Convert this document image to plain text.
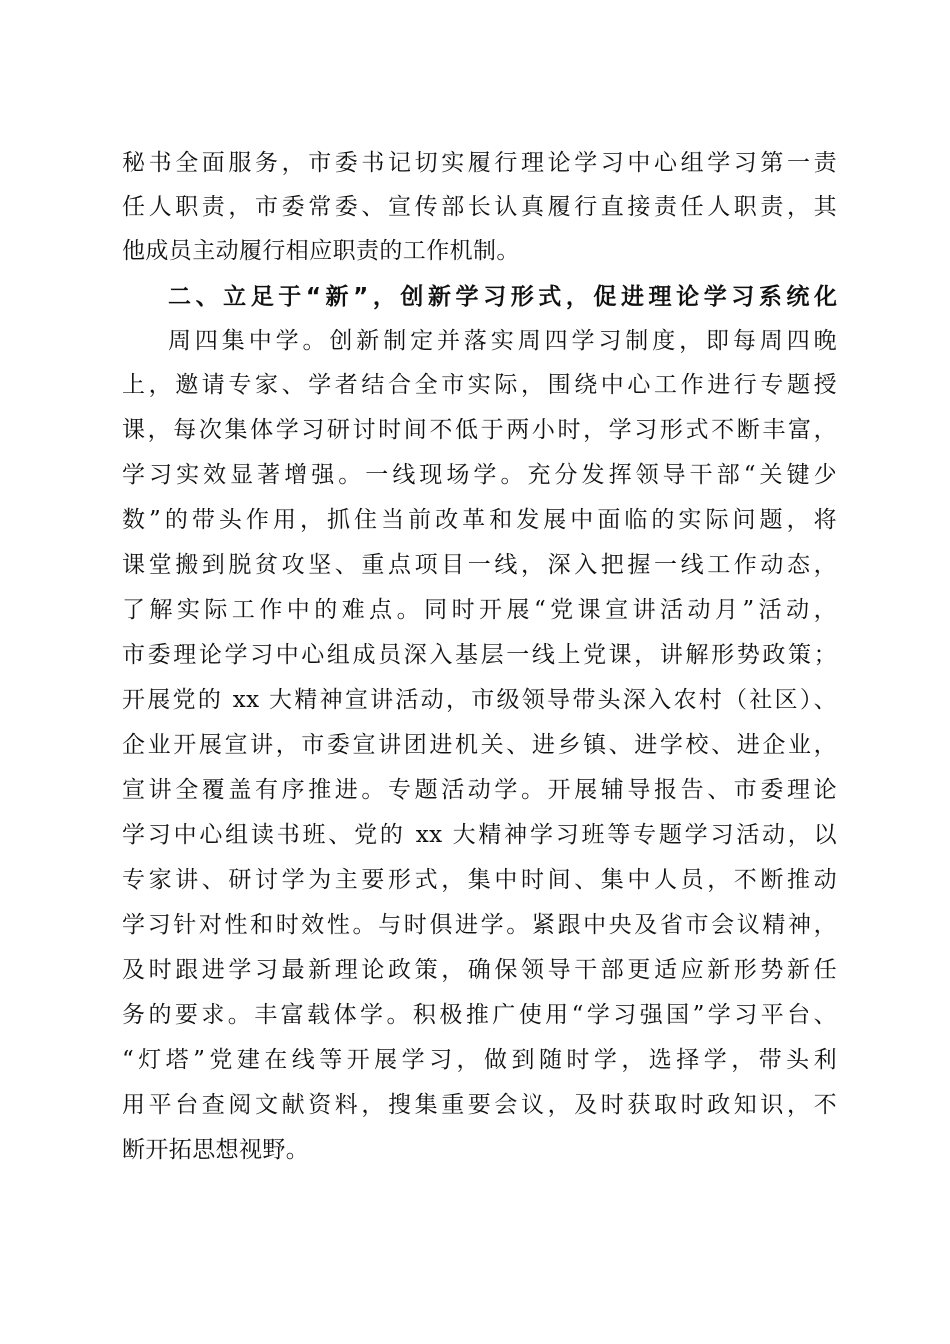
秘书全面服务，市委书记切实履行理论学习中心组学习第一责
任人职责，市委常委、宣传部长认真履行直接责任人职责，其
他成员主动履行相应职责的工作机制。
二、立足于“新”，创新学习形式，促进理论学习系统化
周四集中学。创新制定并落实周四学习制度，即每周四晚
上，邀请专家、学者结合全市实际，围绕中心工作进行专题授
课，每次集体学习研讨时间不低于两小时，学习形式不断丰富，
学习实效显著增强。一线现场学。充分发挥领导干部“关键少
数”的带头作用，抓住当前改革和发展中面临的实际问题，将
课堂搬到脱贫攻坚、重点项目一线，深入把握一线工作动态，
了解实际工作中的难点。同时开展“党课宣讲活动月”活动，
市委理论学习中心组成员深入基层一线上党课，讲解形势政策；
开展党的 xx 大精神宣讲活动，市级领导带头深入农村（社区）、
企业开展宣讲，市委宣讲团进机关、进乡镇、进学校、进企业，
宣讲全覆盖有序推进。专题活动学。开展辅导报告、市委理论
学习中心组读书班、党的 xx 大精神学习班等专题学习活动，以
专家讲、研讨学为主要形式，集中时间、集中人员，不断推动
学习针对性和时效性。与时俱进学。紧跟中央及省市会议精神，
及时跟进学习最新理论政策，确保领导干部更适应新形势新任
务的要求。丰富载体学。积极推广使用“学习强国”学习平台、
“灯塔”党建在线等开展学习，做到随时学，选择学，带头利
用平台查阅文献资料，搜集重要会议，及时获取时政知识，不
断开拓思想视野。
